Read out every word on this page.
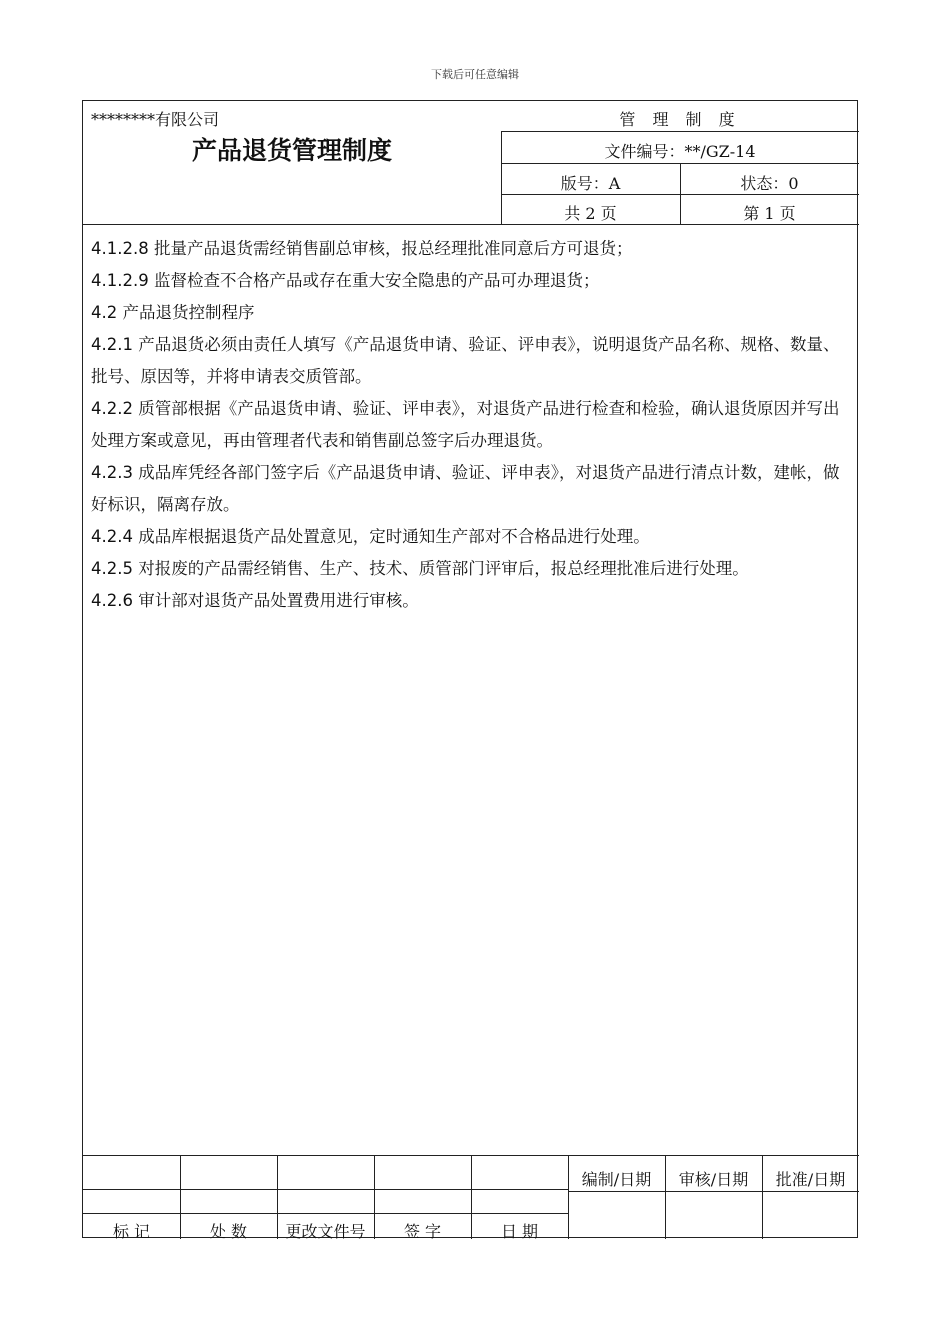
下载后可任意编辑
********有限公司	管 理 制 度
产品退货管理制度	文件编号：**/GZ-14
版号：A	状态：0
共 2 页	第 1 页

4.1.2.8 批量产品退货需经销售副总审核，报总经理批准同意后方可退货；

4.1.2.9 监督检查不合格产品或存在重大安全隐患的产品可办理退货；

4.2 产品退货控制程序

4.2.1 产品退货必须由责任人填写《产品退货申请、验证、评申表》，说明退货产品名称、规格、数量、批号、原因等，并将申请表交质管部。

4.2.2 质管部根据《产品退货申请、验证、评申表》，对退货产品进行检查和检验，确认退货原因并写出处理方案或意见，再由管理者代表和销售副总签字后办理退货。

4.2.3 成品库凭经各部门签字后《产品退货申请、验证、评申表》，对退货产品进行清点计数，建帐，做好标识，隔离存放。

4.2.4 成品库根据退货产品处置意见，定时通知生产部对不合格品进行处理。

4.2.5 对报废的产品需经销售、生产、技术、质管部门评审后，报总经理批准后进行处理。

4.2.6 审计部对退货产品处置费用进行审核。

标 记	处 数	更改文件号	签 字	日 期
编制/日期	审核/日期	批准/日期
